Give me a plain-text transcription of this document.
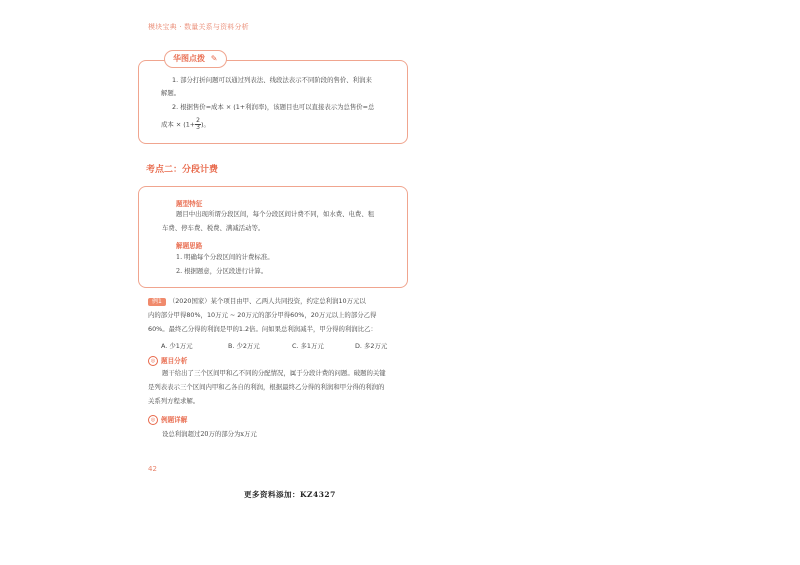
模块宝典 · 数量关系与资料分析
华图点拨 ✎
1. 部分打折问题可以通过列表法、线段法表示不同阶段的售价、利润来
解题。
2. 根据售价=成本 × (1+利润率)，该题目也可以直接表示为总售价=总
成本 × ($1+ \frac{2}{3}$ )。
考点二：分段计费
题型特征
题目中出现所谓分段区间，每个分段区间计费不同，如水费、电费、租
车费、停车费、税费、满减活动等。
解题思路
1. 明确每个分段区间的计费标准。
2. 根据题意，分区段进行计算。
例1 （2020国家）某个项目由甲、乙两人共同投资，约定总利润10万元以
内的部分甲得80%，10万元 ~ 20万元的部分甲得60%，20万元以上的部分乙得
60%。最终乙分得的利润是甲的1.2倍。问如果总利润减半，甲分得的利润比乙：
A. 少1万元	B. 少2万元	C. 多1万元	D. 多2万元
◎ 题目分析
题干给出了三个区间甲和乙不同的分配情况，属于分段计费的问题。破题的关键
是列表表示三个区间内甲和乙各自的利润，根据最终乙分得的利润和甲分得的利润的
关系列方程求解。
◎ 例题详解
设总利润超过20万的部分为x万元
42
更多资料添加：KZ4327
